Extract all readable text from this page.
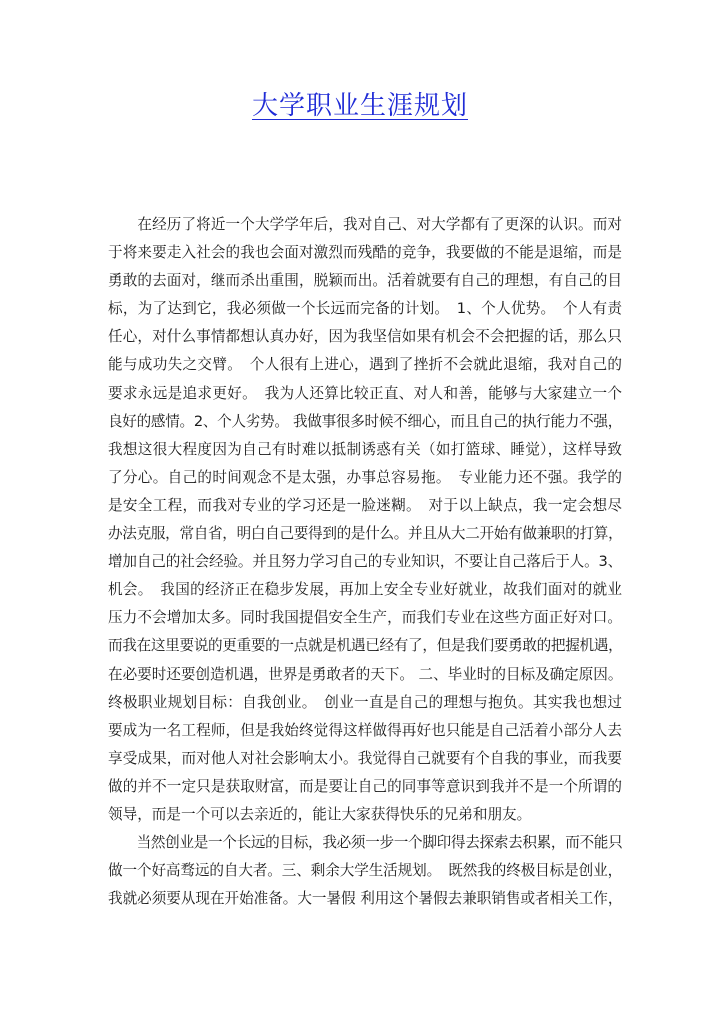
大学职业生涯规划
　　在经历了将近一个大学学年后，我对自己、对大学都有了更深的认识。而对
于将来要走入社会的我也会面对激烈而残酷的竞争，我要做的不能是退缩，而是
勇敢的去面对，继而杀出重围，脱颖而出。活着就要有自己的理想，有自己的目
标，为了达到它，我必须做一个长远而完备的计划。　1、个人优势。　个人有责
任心，对什么事情都想认真办好，因为我坚信如果有机会不会把握的话，那么只
能与成功失之交臂。　个人很有上进心，遇到了挫折不会就此退缩，我对自己的
要求永远是追求更好。　我为人还算比较正直、对人和善，能够与大家建立一个
良好的感情。2、个人劣势。 我做事很多时候不细心，而且自己的执行能力不强，
我想这很大程度因为自己有时难以抵制诱惑有关（如打篮球、睡觉），这样导致
了分心。自己的时间观念不是太强，办事总容易拖。　专业能力还不强。我学的
是安全工程，而我对专业的学习还是一脸迷糊。　对于以上缺点，我一定会想尽
办法克服，常自省，明白自己要得到的是什么。并且从大二开始有做兼职的打算，
增加自己的社会经验。并且努力学习自己的专业知识，不要让自己落后于人。3、
机会。　我国的经济正在稳步发展，再加上安全专业好就业，故我们面对的就业
压力不会增加太多。同时我国提倡安全生产，而我们专业在这些方面正好对口。
而我在这里要说的更重要的一点就是机遇已经有了，但是我们要勇敢的把握机遇，
在必要时还要创造机遇，世界是勇敢者的天下。 二、毕业时的目标及确定原因。
终极职业规划目标：自我创业。　创业一直是自己的理想与抱负。其实我也想过
要成为一名工程师，但是我始终觉得这样做得再好也只能是自己活着小部分人去
享受成果，而对他人对社会影响太小。我觉得自己就要有个自我的事业，而我要
做的并不一定只是获取财富，而是要让自己的同事等意识到我并不是一个所谓的
领导，而是一个可以去亲近的，能让大家获得快乐的兄弟和朋友。
　　当然创业是一个长远的目标，我必须一步一个脚印得去探索去积累，而不能只
做一个好高骛远的自大者。三、剩余大学生活规划。　既然我的终极目标是创业，
我就必须要从现在开始准备。大一暑假 利用这个暑假去兼职销售或者相关工作，
